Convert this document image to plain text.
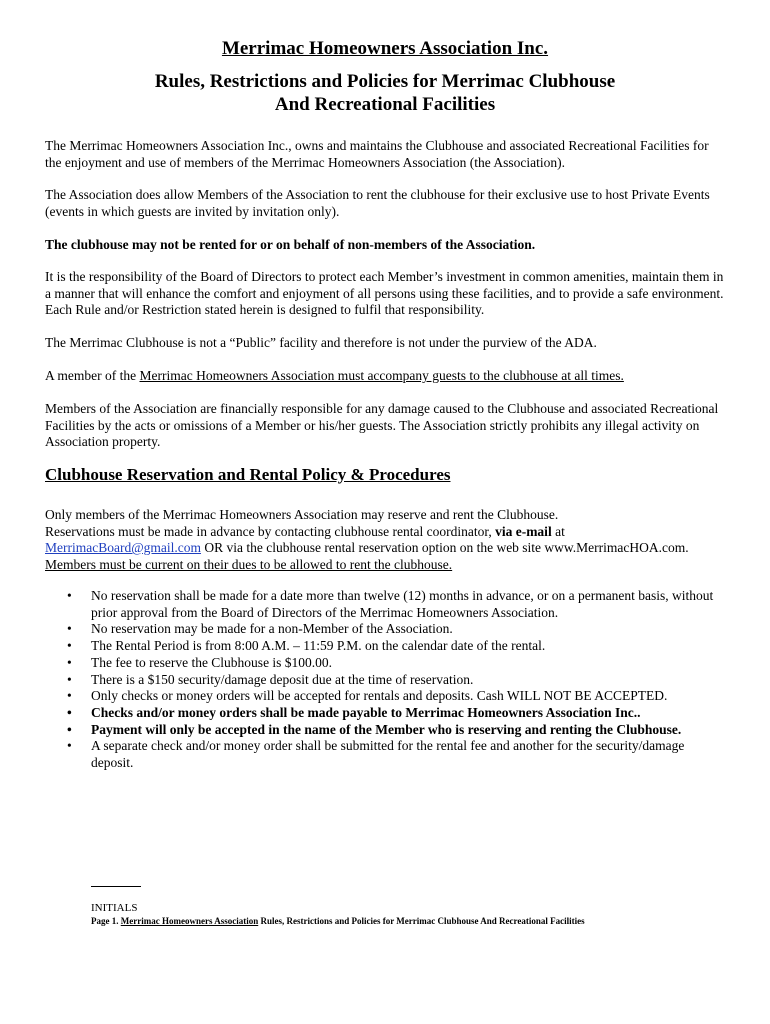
Merrimac Homeowners Association Inc.
Rules, Restrictions and Policies for Merrimac Clubhouse
And Recreational Facilities
The Merrimac Homeowners Association Inc., owns and maintains the Clubhouse and associated Recreational Facilities for the enjoyment and use of members of the Merrimac Homeowners Association (the Association).
The Association does allow Members of the Association to rent the clubhouse for their exclusive use to host Private Events (events in which guests are invited by invitation only).
The clubhouse may not be rented for or on behalf of non-members of the Association.
It is the responsibility of the Board of Directors to protect each Member’s investment in common amenities, maintain them in a manner that will enhance the comfort and enjoyment of all persons using these facilities, and to provide a safe environment. Each Rule and/or Restriction stated herein is designed to fulfil that responsibility.
The Merrimac Clubhouse is not a “Public” facility and therefore is not under the purview of the ADA.
A member of the Merrimac Homeowners Association must accompany guests to the clubhouse at all times.
Members of the Association are financially responsible for any damage caused to the Clubhouse and associated Recreational Facilities by the acts or omissions of a Member or his/her guests. The Association strictly prohibits any illegal activity on Association property.
Clubhouse Reservation and Rental Policy & Procedures
Only members of the Merrimac Homeowners Association may reserve and rent the Clubhouse.
Reservations must be made in advance by contacting clubhouse rental coordinator, via e-mail at
MerrimacBoard@gmail.com OR via the clubhouse rental reservation option on the web site www.MerrimacHOA.com.
Members must be current on their dues to be allowed to rent the clubhouse.
• No reservation shall be made for a date more than twelve (12) months in advance, or on a permanent basis, without prior approval from the Board of Directors of the Merrimac Homeowners Association.
• No reservation may be made for a non-Member of the Association.
• The Rental Period is from 8:00 A.M. – 11:59 P.M. on the calendar date of the rental.
• The fee to reserve the Clubhouse is $100.00.
• There is a $150 security/damage deposit due at the time of reservation.
• Only checks or money orders will be accepted for rentals and deposits. Cash WILL NOT BE ACCEPTED.
• Checks and/or money orders shall be made payable to Merrimac Homeowners Association Inc..
• Payment will only be accepted in the name of the Member who is reserving and renting the Clubhouse.
• A separate check and/or money order shall be submitted for the rental fee and another for the security/damage deposit.
INITIALS
Page 1. Merrimac Homeowners Association Rules, Restrictions and Policies for Merrimac Clubhouse And Recreational Facilities
